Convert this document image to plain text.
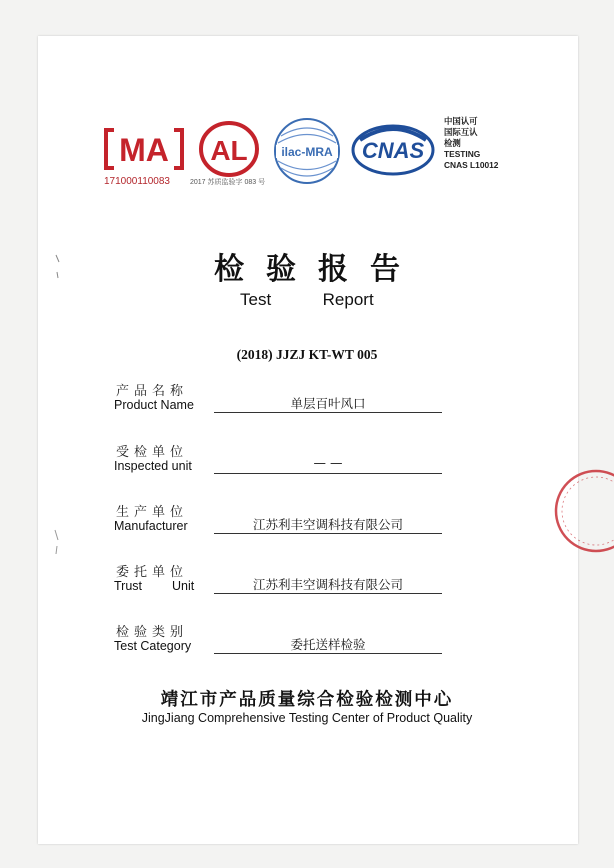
MA
171000110083
AL
2017 苏质监验字 083 号
ilac-MRA CNAS
中国认可
国际互认
检测
TESTING
CNAS L10012
检验报告
Test	Report
(2018) JJZJ KT-WT 005
产品名称
Product Name	单层百叶风口
受检单位
Inspected unit	— —
生产单位
Manufacturer	江苏利丰空调科技有限公司
委托单位
Trust Unit	江苏利丰空调科技有限公司
检验类别
Test Category	委托送样检验
靖江市产品质量综合检验检测中心
JingJiang Comprehensive Testing Center of Product Quality
